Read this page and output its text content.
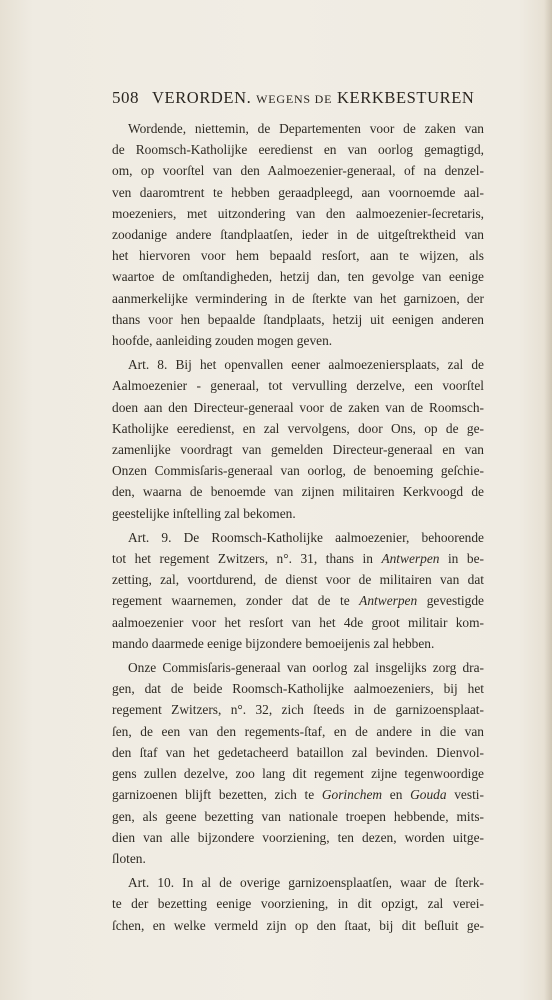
508 VERORDEN. WEGENS DE KERKBESTUREN
Wordende, niettemin, de Departementen voor de zaken van
de Roomsch-Katholijke eeredienst en van oorlog gemagtigd,
om, op voorſtel van den Aalmoezenier-generaal, of na denzel-
ven daaromtrent te hebben geraadpleegd, aan voornoemde aal-
moezeniers, met uitzondering van den aalmoezenier-ſecretaris,
zoodanige andere ſtandplaatſen, ieder in de uitgeſtrektheid van
het hiervoren voor hem bepaald resſort, aan te wijzen, als
waartoe de omſtandigheden, hetzij dan, ten gevolge van eenige
aanmerkelijke vermindering in de ſterkte van het garnizoen, der
thans voor hen bepaalde ſtandplaats, hetzij uit eenigen anderen
hoofde, aanleiding zouden mogen geven.
Art. 8. Bij het openvallen eener aalmoezeniersplaats, zal de
Aalmoezenier - generaal, tot vervulling derzelve, een voorſtel
doen aan den Directeur-generaal voor de zaken van de Roomsch-
Katholijke eeredienst, en zal vervolgens, door Ons, op de ge-
zamenlijke voordragt van gemelden Directeur-generaal en van
Onzen Commisſaris-generaal van oorlog, de benoeming geſchie-
den, waarna de benoemde van zijnen militairen Kerkvoogd de
geestelijke inſtelling zal bekomen.
Art. 9. De Roomsch-Katholijke aalmoezenier, behoorende
tot het regement Zwitzers, n°. 31, thans in Antwerpen in be-
zetting, zal, voortdurend, de dienst voor de militairen van dat
regement waarnemen, zonder dat de te Antwerpen gevestigde
aalmoezenier voor het resſort van het 4de groot militair kom-
mando daarmede eenige bijzondere bemoeijenis zal hebben.
Onze Commisſaris-generaal van oorlog zal insgelijks zorg dra-
gen, dat de beide Roomsch-Katholijke aalmoezeniers, bij het
regement Zwitzers, n°. 32, zich ſteeds in de garnizoensplaat-
ſen, de een van den regements-ſtaf, en de andere in die van
den ſtaf van het gedetacheerd bataillon zal bevinden. Dienvol-
gens zullen dezelve, zoo lang dit regement zijne tegenwoordige
garnizoenen blijft bezetten, zich te Gorinchem en Gouda vesti-
gen, als geene bezetting van nationale troepen hebbende, mits-
dien van alle bijzondere voorziening, ten dezen, worden uitge-
ſloten.
Art. 10. In al de overige garnizoensplaatſen, waar de ſterk-
te der bezetting eenige voorziening, in dit opzigt, zal verei-
ſchen, en welke vermeld zijn op den ſtaat, bij dit beſluit ge-
